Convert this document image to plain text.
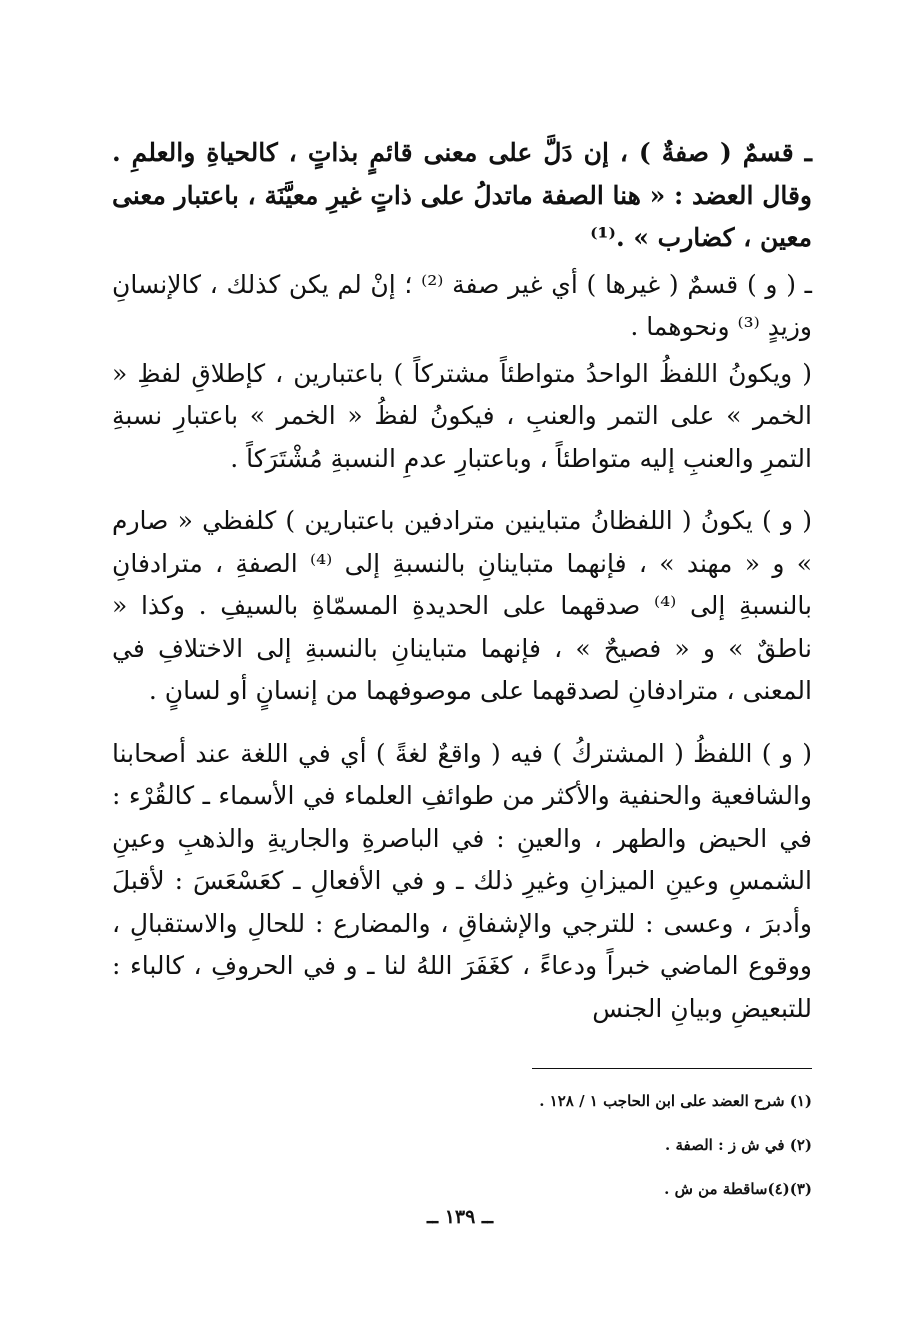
ـ قسمٌ ( صفةٌ ) ، إن دَلَّ على معنى قائمٍ بذاتٍ ، كالحياةِ والعلمِ . وقال العضد : « هنا الصفة ماتدلُ على ذاتٍ غيرِ معيَّنَة ، باعتبار معنى معين ، كضارب » .⁽¹⁾

ـ ( و ) قسمٌ ( غيرها ) أي غير صفة ⁽²⁾ ؛ إنْ لم يكن كذلك ، كالإنسانِ وزيدٍ ⁽³⁾ ونحوهما .

( ويكونُ اللفظُ الواحدُ متواطئاً مشتركاً ) باعتبارين ، كإطلاقِ لفظِ « الخمر » على التمر والعنبِ ، فيكونُ لفظُ « الخمر » باعتبارِ نسبةِ التمرِ والعنبِ إليه متواطئاً ، وباعتبارِ عدمِ النسبةِ مُشْتَرَكاً .

( و ) يكونُ ( اللفظانُ متباينين مترادفين باعتبارين ) كلفظي « صارم » و « مهند » ، فإنهما متباينانِ بالنسبةِ إلى ⁽⁴⁾ الصفةِ ، مترادفانِ بالنسبةِ إلى ⁽⁴⁾ صدقهما على الحديدةِ المسمّاةِ بالسيفِ . وكذا « ناطقٌ » و « فصيحٌ » ، فإنهما متباينانِ بالنسبةِ إلى الاختلافِ في المعنى ، مترادفانِ لصدقهما على موصوفهما من إنسانٍ أو لسانٍ .

( و ) اللفظُ ( المشتركُ ) فيه ( واقعٌ لغةً ) أي في اللغة عند أصحابنا والشافعية والحنفية والأكثر من طوائفِ العلماء في الأسماء ـ كالقُرْء : في الحيض والطهر ، والعينِ : في الباصرةِ والجاريةِ والذهبِ وعينِ الشمسِ وعينِ الميزانِ وغيرِ ذلك ـ و في الأفعالِ ـ كعَسْعَسَ : لأقبلَ وأدبرَ ، وعسى : للترجي والإشفاقِ ، والمضارع : للحالِ والاستقبالِ ، ووقوع الماضي خبراً ودعاءً ، كغَفَرَ اللهُ لنا ـ و في الحروفِ ، كالباء : للتبعيضِ وبيانِ الجنس

(١) شرح العضد على ابن الحاجب ١ / ١٢٨ .
(٢) في ش ز : الصفة .
(٣)(٤)ساقطة من ش .
ــ ١٣٩ ــ
